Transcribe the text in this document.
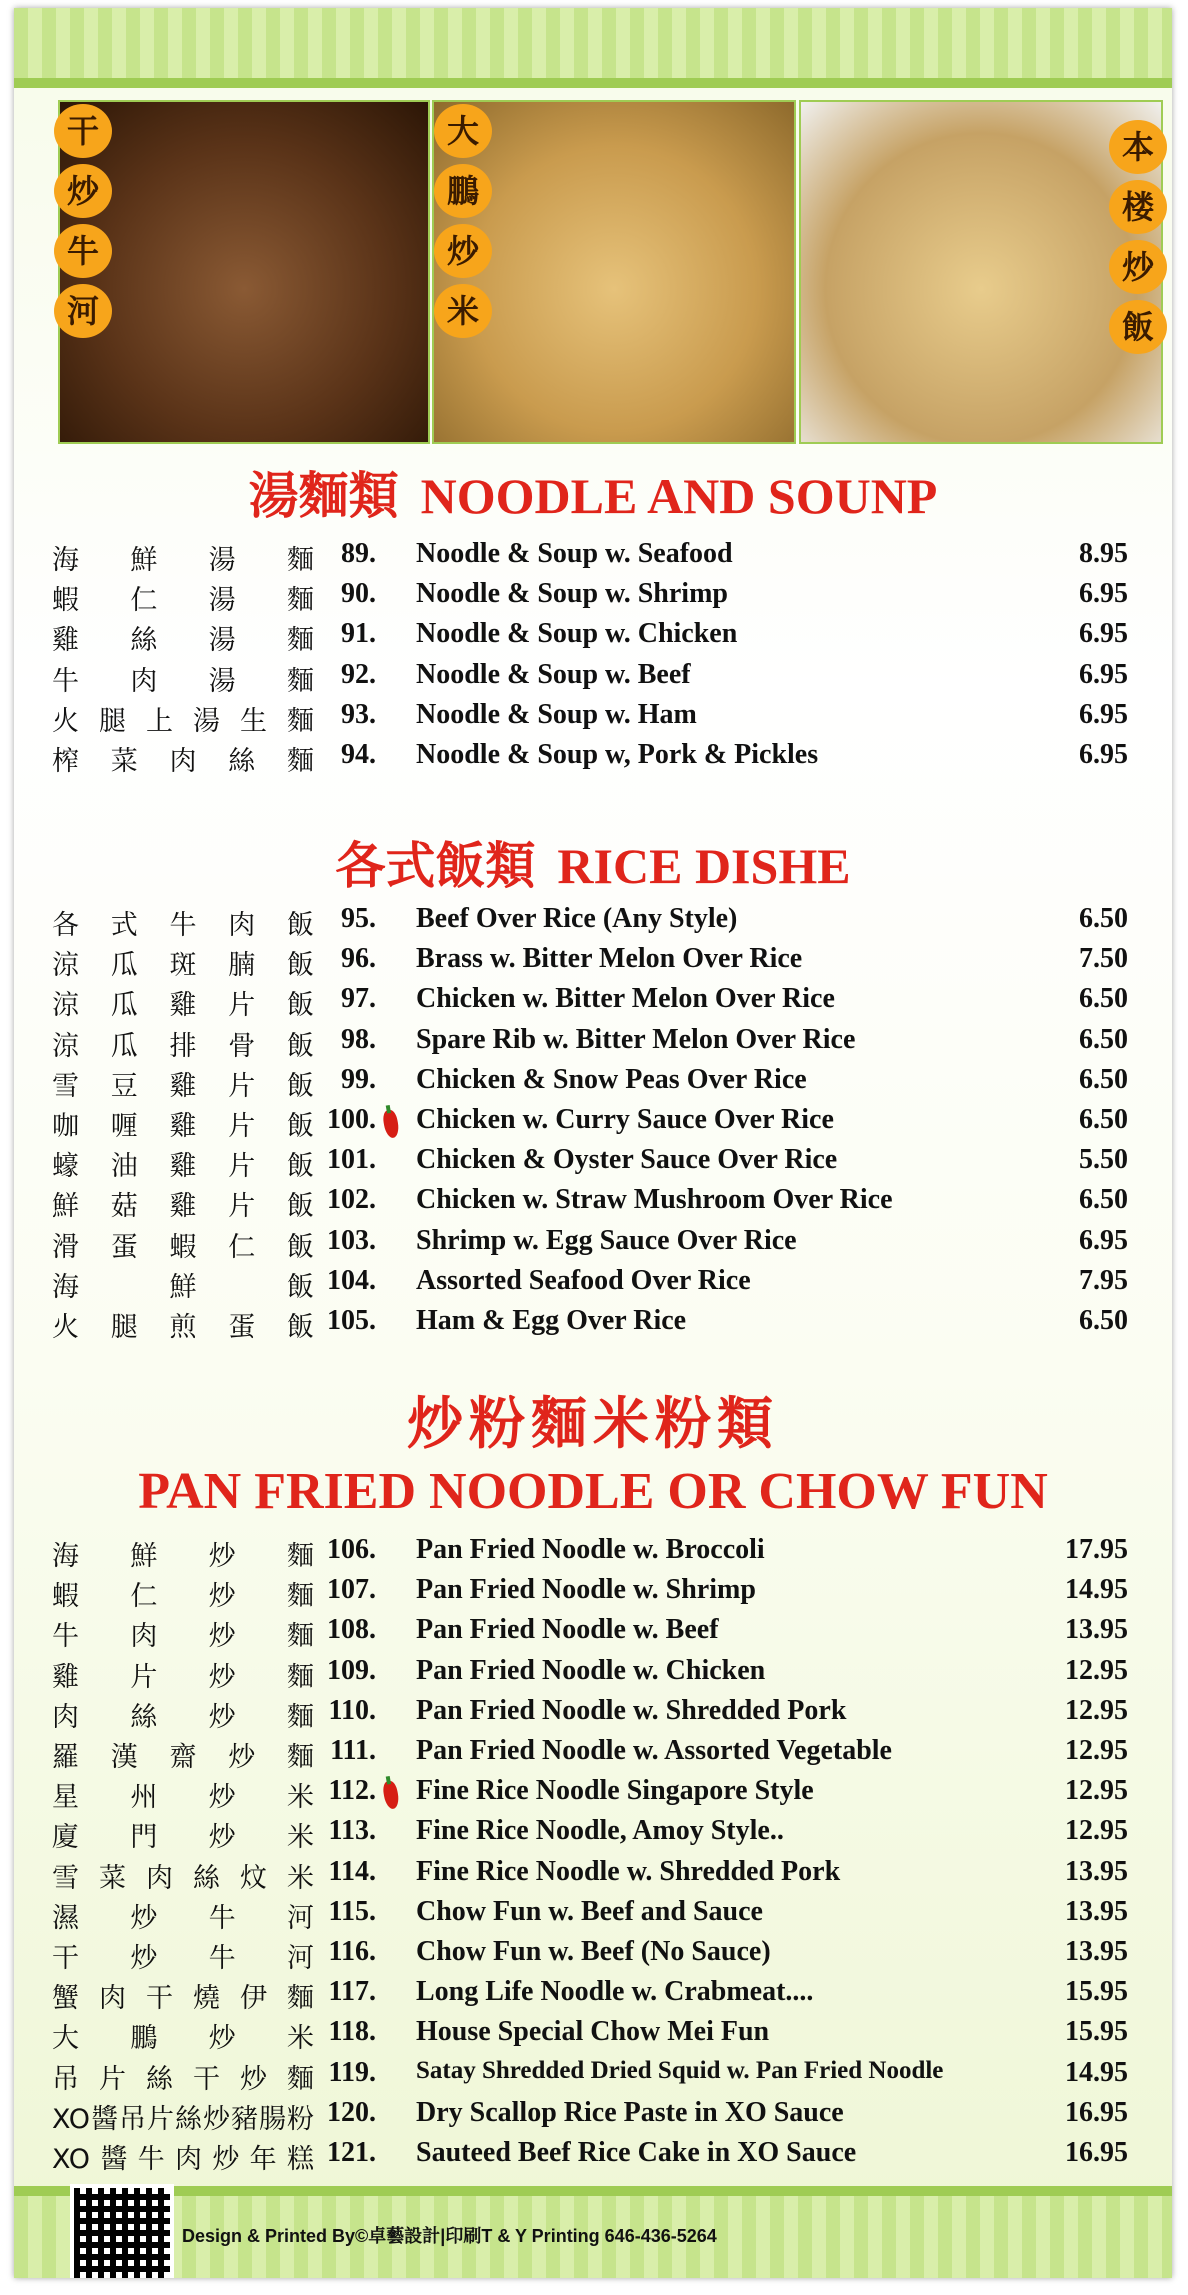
干
炒
牛
河
大
鵬
炒
米
本
楼
炒
飯
湯麵類 NOODLE AND SOUNP
海鮮湯麵 89. Noodle & Soup w. Seafood	8.95
蝦仁湯麵 90. Noodle & Soup w. Shrimp	6.95
雞絲湯麵 91. Noodle & Soup w. Chicken	6.95
牛肉湯麵 92. Noodle & Soup w. Beef	6.95
火腿上湯生麵 93. Noodle & Soup w. Ham	6.95
榨菜肉絲麵 94. Noodle & Soup w, Pork & Pickles	6.95
各式飯類 RICE DISHE
各式牛肉飯 95. Beef Over Rice (Any Style)	6.50
涼瓜斑腩飯 96. Brass w. Bitter Melon Over Rice	7.50
涼瓜雞片飯 97. Chicken w. Bitter Melon Over Rice	6.50
涼瓜排骨飯 98. Spare Rib w. Bitter Melon Over Rice	6.50
雪豆雞片飯 99. Chicken & Snow Peas Over Rice	6.50
咖喱雞片飯 100. Chicken w. Curry Sauce Over Rice	6.50
蠔油雞片飯 101. Chicken & Oyster Sauce Over Rice	5.50
鮮菇雞片飯 102. Chicken w. Straw Mushroom Over Rice	6.50
滑蛋蝦仁飯 103. Shrimp w. Egg Sauce Over Rice	6.95
海鮮飯 104. Assorted Seafood Over Rice	7.95
火腿煎蛋飯 105. Ham & Egg Over Rice	6.50
炒粉麵米粉類
PAN FRIED NOODLE OR CHOW FUN
海鮮炒麵 106. Pan Fried Noodle w. Broccoli	17.95
蝦仁炒麵 107. Pan Fried Noodle w. Shrimp	14.95
牛肉炒麵 108. Pan Fried Noodle w. Beef	13.95
雞片炒麵 109. Pan Fried Noodle w. Chicken	12.95
肉絲炒麵 110. Pan Fried Noodle w. Shredded Pork	12.95
羅漢齋炒麵 111. Pan Fried Noodle w. Assorted Vegetable	12.95
星州炒米 112. Fine Rice Noodle Singapore Style	12.95
廈門炒米 113. Fine Rice Noodle, Amoy Style..	12.95
雪菜肉絲炆米 114. Fine Rice Noodle w. Shredded Pork	13.95
濕炒牛河 115. Chow Fun w. Beef and Sauce	13.95
干炒牛河 116. Chow Fun w. Beef (No Sauce)	13.95
蟹肉干燒伊麵 117. Long Life Noodle w. Crabmeat....	15.95
大鵬炒米 118. House Special Chow Mei Fun	15.95
吊片絲干炒麵 119. Satay Shredded Dried Squid w. Pan Fried Noodle	14.95
XO醬吊片絲炒豬腸粉 120. Dry Scallop Rice Paste in XO Sauce	16.95
XO醬牛肉炒年糕 121. Sauteed Beef Rice Cake in XO Sauce	16.95
Design & Printed By©卓藝設計|印刷T & Y Printing 646-436-5264
